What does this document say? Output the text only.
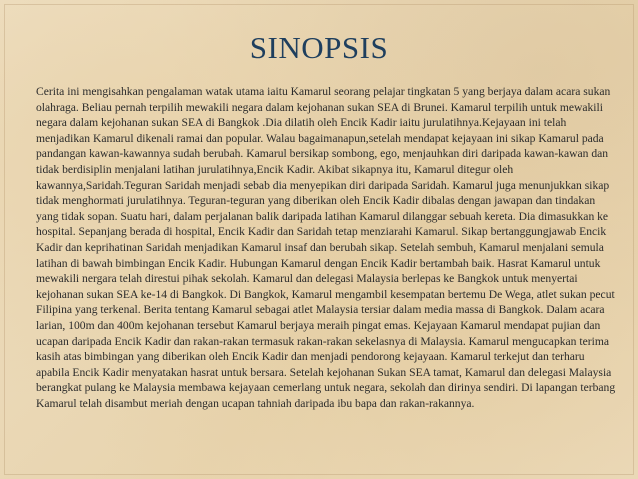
SINOPSIS

Cerita ini mengisahkan pengalaman watak utama iaitu Kamarul seorang pelajar tingkatan 5 yang berjaya dalam acara sukan olahraga. Beliau pernah terpilih mewakili negara dalam kejohanan sukan SEA di Brunei. Kamarul terpilih untuk mewakili negara dalam kejohanan sukan SEA di Bangkok .Dia dilatih oleh Encik Kadir iaitu jurulatihnya.Kejayaan ini telah menjadikan Kamarul dikenali ramai dan popular. Walau bagaimanapun,setelah mendapat kejayaan ini sikap Kamarul pada pandangan kawan-kawannya sudah berubah. Kamarul bersikap sombong, ego, menjauhkan diri daripada kawan-kawan dan tidak berdisiplin menjalani latihan jurulatihnya,Encik Kadir. Akibat sikapnya itu, Kamarul ditegur oleh kawannya,Saridah.Teguran Saridah menjadi sebab dia menyepikan diri daripada Saridah. Kamarul juga menunjukkan sikap tidak menghormati jurulatihnya. Teguran-teguran yang diberikan oleh Encik Kadir dibalas dengan jawapan dan tindakan yang tidak sopan. Suatu hari, dalam perjalanan balik daripada latihan Kamarul dilanggar sebuah kereta. Dia dimasukkan ke hospital. Sepanjang berada di hospital, Encik Kadir dan Saridah tetap menziarahi Kamarul. Sikap bertanggungjawab Encik Kadir dan keprihatinan Saridah menjadikan Kamarul insaf dan berubah sikap. Setelah sembuh, Kamarul menjalani semula latihan di bawah bimbingan Encik Kadir. Hubungan Kamarul dengan Encik Kadir bertambah baik. Hasrat Kamarul untuk mewakili nergara telah direstui pihak sekolah. Kamarul dan delegasi Malaysia berlepas ke Bangkok untuk menyertai kejohanan sukan SEA ke-14 di Bangkok. Di Bangkok, Kamarul mengambil kesempatan bertemu De Wega, atlet sukan pecut Filipina yang terkenal. Berita tentang Kamarul sebagai atlet Malaysia tersiar dalam media massa di Bangkok. Dalam acara larian, 100m dan 400m kejohanan tersebut Kamarul berjaya meraih pingat emas. Kejayaan Kamarul mendapat pujian dan ucapan daripada Encik Kadir dan rakan-rakan termasuk rakan-rakan sekelasnya di Malaysia. Kamarul mengucapkan terima kasih atas bimbingan yang diberikan oleh Encik Kadir dan menjadi pendorong kejayaan. Kamarul terkejut dan terharu apabila Encik Kadir menyatakan hasrat untuk bersara. Setelah kejohanan Sukan SEA tamat, Kamarul dan delegasi Malaysia berangkat pulang ke Malaysia membawa kejayaan cemerlang untuk negara, sekolah dan dirinya sendiri. Di lapangan terbang Kamarul telah disambut meriah dengan ucapan tahniah daripada ibu bapa dan rakan-rakannya.
